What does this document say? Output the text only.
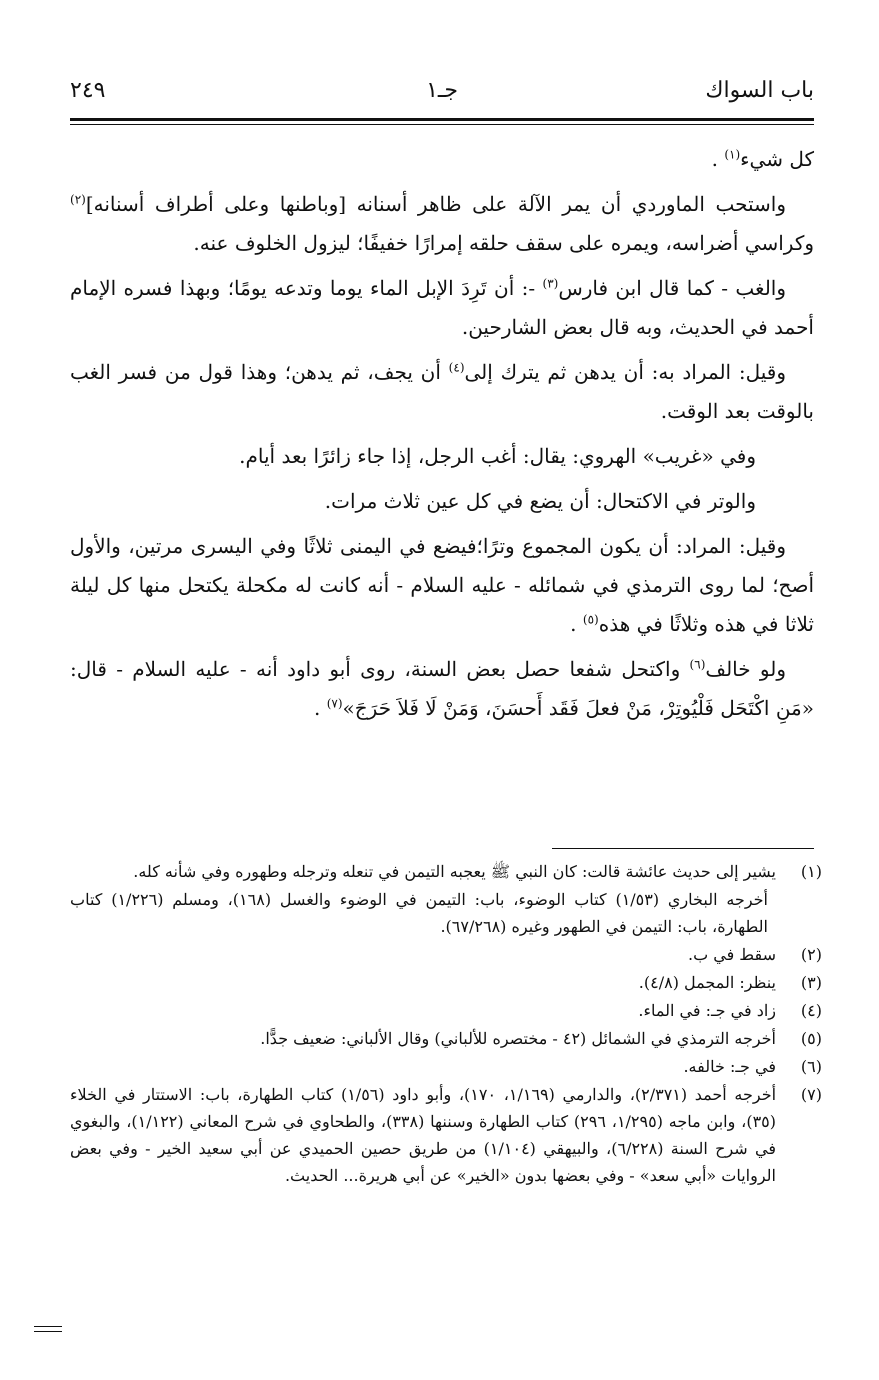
باب السواك
جـ١
٢٤٩

كل شيء$^{(١)}$ .

واستحب الماوردي أن يمر الآلة على ظاهر أسنانه [وباطنها وعلى أطراف أسنانه]$^{(٢)}$ وكراسي أضراسه، ويمره على سقف حلقه إمرارًا خفيفًا؛ ليزول الخلوف عنه.

والغب - كما قال ابن فارس$^{(٣)}$ -: أن تَرِدَ الإبل الماء يوما وتدعه يومًا؛ وبهذا فسره الإمام أحمد في الحديث، وبه قال بعض الشارحين.

وقيل: المراد به: أن يدهن ثم يترك إلى$^{(٤)}$ أن يجف، ثم يدهن؛ وهذا قول من فسر الغب بالوقت بعد الوقت.

وفي «غريب» الهروي: يقال: أغب الرجل، إذا جاء زائرًا بعد أيام.

والوتر في الاكتحال: أن يضع في كل عين ثلاث مرات.

وقيل: المراد: أن يكون المجموع وترًا؛فيضع في اليمنى ثلاثًا وفي اليسرى مرتين، والأول أصح؛ لما روى الترمذي في شمائله - عليه السلام - أنه كانت له مكحلة يكتحل منها كل ليلة ثلاثا في هذه وثلاثًا في هذه$^{(٥)}$ .

ولو خالف$^{(٦)}$ واكتحل شفعا حصل بعض السنة، روى أبو داود أنه - عليه السلام - قال: «مَنِ اكْتَحَل فَلْيُوتِرْ، مَنْ فعلَ فَقَد أَحسَنَ، وَمَنْ لَا فَلاَ حَرَجَ»$^{(٧)}$ .

(١)
يشير إلى حديث عائشة قالت: كان النبي ﷺ يعجبه التيمن في تنعله وترجله وطهوره وفي شأنه كله.
أخرجه البخاري (١/٥٣) كتاب الوضوء، باب: التيمن في الوضوء والغسل (١٦٨)، ومسلم (١/٢٢٦) كتاب الطهارة، باب: التيمن في الطهور وغيره (٦٧/٢٦٨).
(٢)
سقط في ب.
(٣)
ينظر: المجمل (٤/٨).
(٤)
زاد في جـ: في الماء.
(٥)
أخرجه الترمذي في الشمائل (٤٢ - مختصره للألباني) وقال الألباني: ضعيف جدًّا.
(٦)
في جـ: خالفه.
(٧)
أخرجه أحمد (٢/٣٧١)، والدارمي (١/١٦٩، ١٧٠)، وأبو داود (١/٥٦) كتاب الطهارة، باب: الاستتار في الخلاء (٣٥)، وابن ماجه (١/٢٩٥، ٢٩٦) كتاب الطهارة وسننها (٣٣٨)، والطحاوي في شرح المعاني (١/١٢٢)، والبغوي في شرح السنة (٦/٢٢٨)، والبيهقي (١/١٠٤) من طريق حصين الحميدي عن أبي سعيد الخير - وفي بعض الروايات «أبي سعد» - وفي بعضها بدون «الخير» عن أبي هريرة... الحديث.
